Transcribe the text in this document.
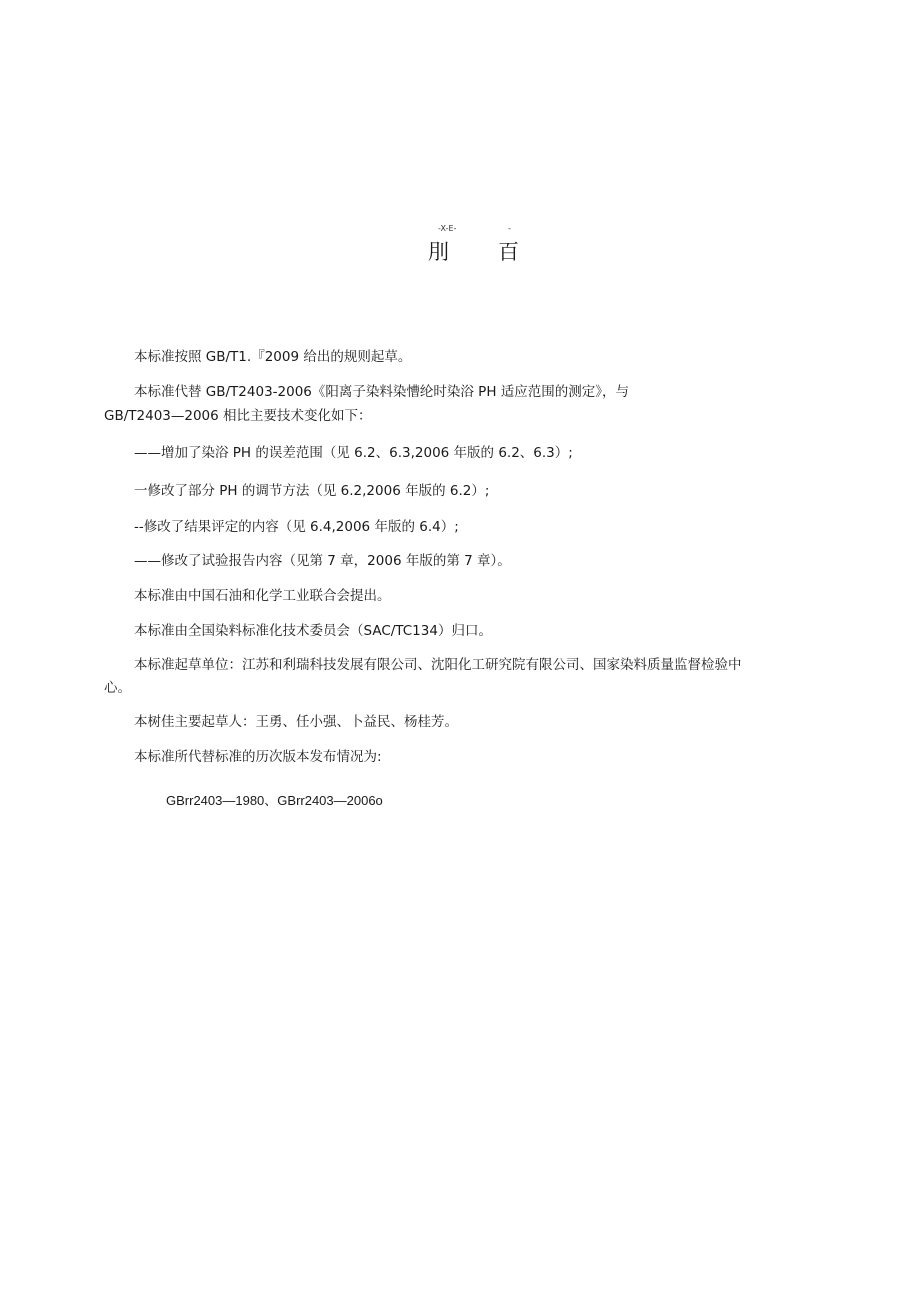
-X-E-	-
刖 百
本标准按照 GB/T1.『2009 给出的规则起草。
本标准代替 GB/T2403-2006《阳离子染料染慒纶时染浴 PH 适应范围的测定》，与
GB/T2403—2006 相比主要技术变化如下：
——增加了染浴 PH 的误差范围（见 6.2、6.3,2006 年版的 6.2、6.3）;
一修改了部分 PH 的调节方法（见 6.2,2006 年版的 6.2）;
--修改了结果评定的内容（见 6.4,2006 年版的 6.4）;
——修改了试验报告内容（见第 7 章，2006 年版的第 7 章）。
本标准由中国石油和化学工业联合会提出。
本标准由全国染料标准化技术委员会（SAC/TC134）归口。
本标准起草单位：江苏和利瑞科技发展有限公司、沈阳化工研究院有限公司、国家染料质量监督检验中
心。
本树佳主要起草人：王勇、任小强、卜益民、杨桂芳。
本标准所代替标准的历次版本发布情况为:
GBrr2403—1980、GBrr2403—2006o
